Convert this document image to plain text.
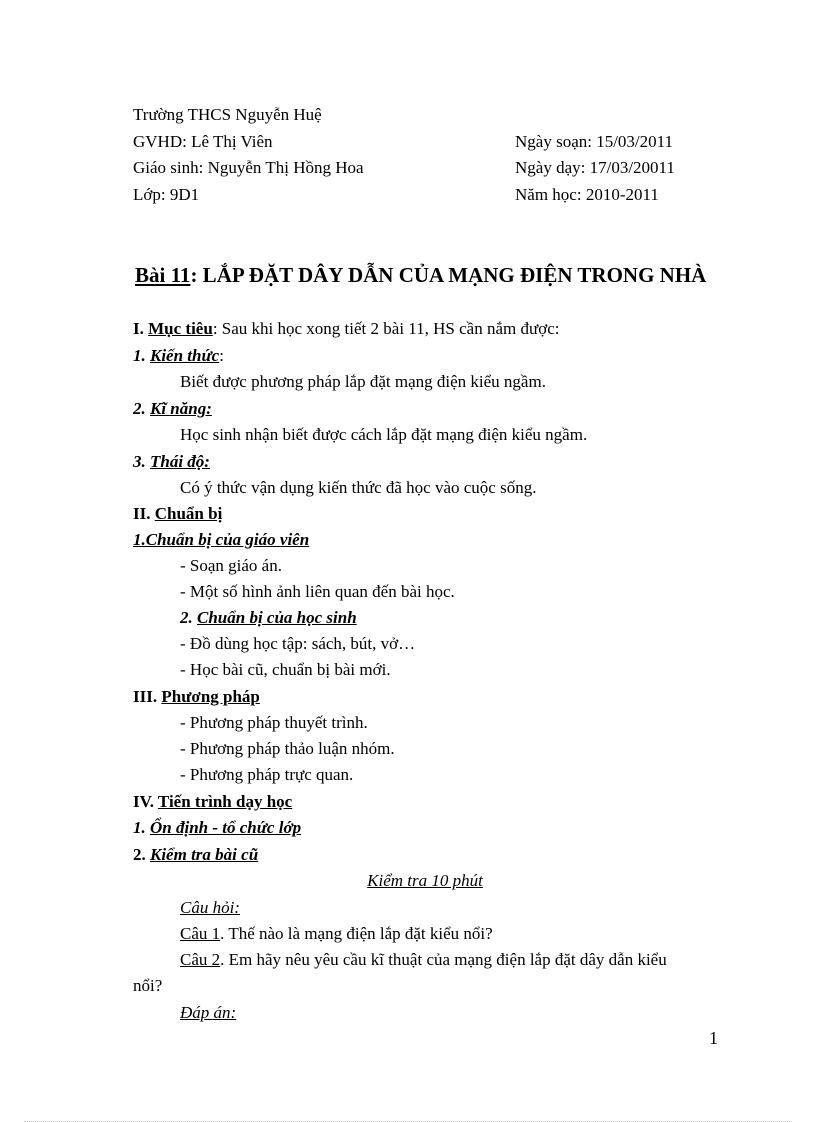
Trường THCS Nguyễn Huệ
GVHD: Lê Thị Viên
Giáo sinh: Nguyễn Thị Hồng Hoa
Lớp: 9D1
Ngày soạn: 15/03/2011
Ngày dạy: 17/03/20011
Năm học: 2010-2011
Bài 11: LẮP ĐẶT DÂY DẪN CỦA MẠNG ĐIỆN TRONG NHÀ
I. Mục tiêu: Sau khi học xong tiết 2 bài 11, HS cần nắm được:
1. Kiến thức:
Biết được phương pháp lắp đặt mạng điện kiểu ngầm.
2. Kĩ năng:
Học sinh nhận biết được cách lắp đặt mạng điện kiểu ngầm.
3. Thái độ:
Có ý thức vận dụng kiến thức đã học vào cuộc sống.
II. Chuẩn bị
1.Chuẩn bị của giáo viên
- Soạn giáo án.
- Một số hình ảnh liên quan đến bài học.
2. Chuẩn bị của học sinh
- Đồ dùng học tập: sách, bút, vở…
- Học bài cũ, chuẩn bị bài mới.
III. Phương pháp
- Phương pháp thuyết trình.
- Phương pháp thảo luận nhóm.
- Phương pháp trực quan.
IV. Tiến trình dạy học
1. Ổn định - tổ chức lớp
2. Kiểm tra bài cũ
Kiểm tra 10 phút
Câu hỏi:
Câu 1. Thế nào là mạng điện lắp đặt kiểu nổi?
Câu 2. Em hãy nêu yêu cầu kĩ thuật của mạng điện lắp đặt dây dẫn kiểu
nổi?
Đáp án:
1
